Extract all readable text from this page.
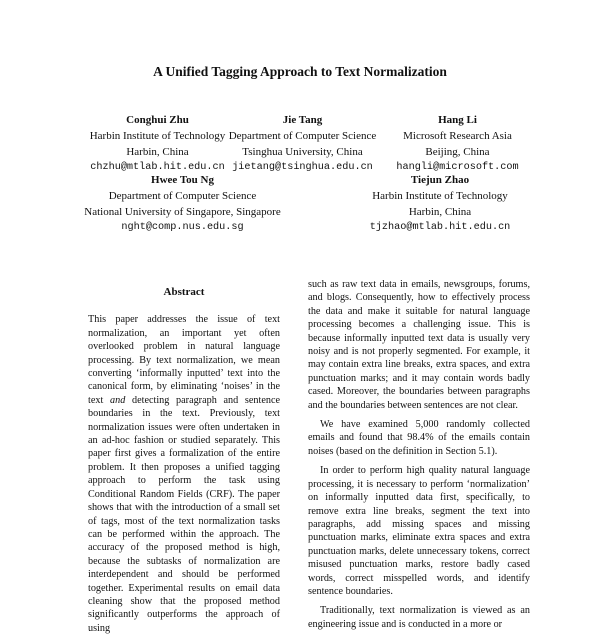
A Unified Tagging Approach to Text Normalization
Conghui Zhu
Harbin Institute of Technology
Harbin, China
chzhu@mtlab.hit.edu.cn
Jie Tang
Department of Computer Science
Tsinghua University, China
jietang@tsinghua.edu.cn
Hang Li
Microsoft Research Asia
Beijing, China
hangli@microsoft.com
Hwee Tou Ng
Department of Computer Science
National University of Singapore, Singapore
nght@comp.nus.edu.sg
Tiejun Zhao
Harbin Institute of Technology
Harbin, China
tjzhao@mtlab.hit.edu.cn
Abstract

This paper addresses the issue of text normalization, an important yet often overlooked problem in natural language processing. By text normalization, we mean converting ‘informally inputted’ text into the canonical form, by eliminating ‘noises’ in the text and detecting paragraph and sentence boundaries in the text. Previously, text normalization issues were often undertaken in an ad-hoc fashion or studied separately. This paper first gives a formalization of the entire problem. It then proposes a unified tagging approach to perform the task using Conditional Random Fields (CRF). The paper shows that with the introduction of a small set of tags, most of the text normalization tasks can be performed within the approach. The accuracy of the proposed method is high, because the subtasks of normalization are interdependent and should be performed together. Experimental results on email data cleaning show that the proposed method significantly outperforms the approach of using

such as raw text data in emails, newsgroups, forums, and blogs. Consequently, how to effectively process the data and make it suitable for natural language processing becomes a challenging issue. This is because informally inputted text data is usually very noisy and is not properly segmented. For example, it may contain extra line breaks, extra spaces, and extra punctuation marks; and it may contain words badly cased. Moreover, the boundaries between paragraphs and the boundaries between sentences are not clear.

We have examined 5,000 randomly collected emails and found that 98.4% of the emails contain noises (based on the definition in Section 5.1).

In order to perform high quality natural language processing, it is necessary to perform ‘normalization’ on informally inputted data first, specifically, to remove extra line breaks, segment the text into paragraphs, add missing spaces and missing punctuation marks, eliminate extra spaces and extra punctuation marks, delete unnecessary tokens, correct misused punctuation marks, restore badly cased words, correct misspelled words, and identify sentence boundaries.

Traditionally, text normalization is viewed as an engineering issue and is conducted in a more or
